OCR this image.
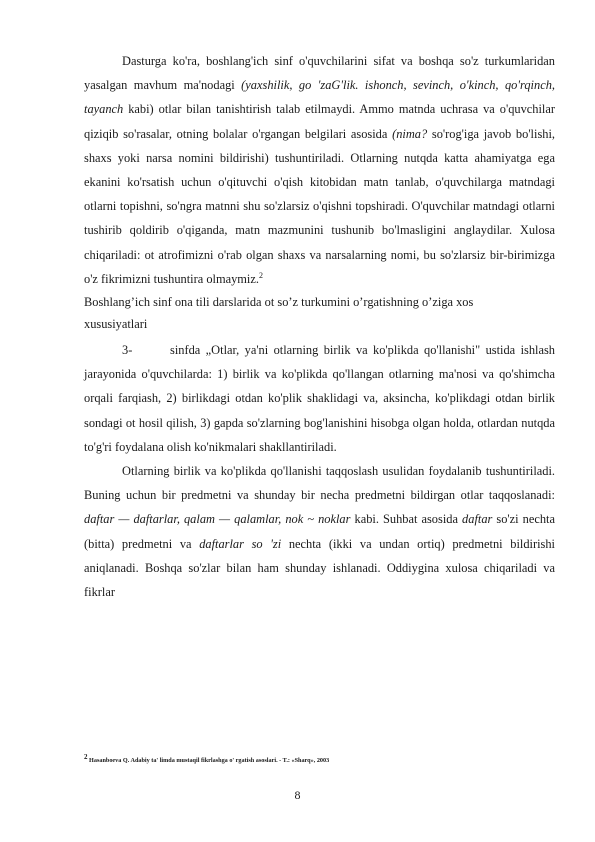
Dasturga ko'ra, boshlang'ich sinf o'quvchilarini sifat va boshqa so'z turkumlaridan yasalgan mavhum ma'nodagi (yaxshilik, go 'zaG'lik. ishonch, sevinch, o'kinch, qo'rqinch, tayanch kabi) otlar bilan tanishtirish talab etilmaydi. Ammo matnda uchrasa va o'quvchilar qiziqib so'rasalar, otning bolalar o'rgangan belgilari asosida (nima? so'rog'iga javob bo'lishi, shaxs yoki narsa nomini bildirishi) tushuntiriladi. Otlarning nutqda katta ahamiyatga ega ekanini ko'rsatish uchun o'qituvchi o'qish kitobidan matn tanlab, o'quvchilarga matndagi otlarni topishni, so'ngra matnni shu so'zlarsiz o'qishni topshiradi. O'quvchilar matndagi otlarni tushirib qoldirib o'qiganda, matn mazmunini tushunib bo'lmasligini anglaydilar. Xulosa chiqariladi: ot atrofimizni o'rab olgan shaxs va narsalarning nomi, bu so'zlarsiz bir-birimizga o'z fikrimizni tushuntira olmaymiz.$^2$

Boshlang’ich sinf ona tili darslarida ot so’z turkumini o’rgatishning o’ziga xos xususiyatlari

3-	sinfda „Otlar, ya'ni otlarning birlik va ko'plikda qo'llanishi" ustida ishlash jarayonida o'quvchilarda: 1) birlik va ko'plikda qo'llangan otlarning ma'nosi va qo'shimcha orqali farqiash, 2) birlikdagi otdan ko'plik shaklidagi va, aksincha, ko'plikdagi otdan birlik sondagi ot hosil qilish, 3) gapda so'zlarning bog'lanishini hisobga olgan holda, otlardan nutqda to'g'ri foydalana olish ko'nikmalari shakllantiriladi.

Otlarning birlik va ko'plikda qo'llanishi taqqoslash usulidan foydalanib tushuntiriladi. Buning uchun bir predmetni va shunday bir necha predmetni bildirgan otlar taqqoslanadi: daftar — daftarlar, qalam — qalamlar, nok ~ noklar kabi. Suhbat asosida daftar so'zi nechta (bitta) predmetni va daftarlar so 'zi nechta (ikki va undan ortiq) predmetni bildirishi aniqlanadi. Boshqa so'zlar bilan ham shunday ishlanadi. Oddiygina xulosa chiqariladi va fikrlar

$^2$ Hasanboeva Q. Adabiy ta' limda mustaqil fikrlashga o' rgatish asoslari. - T.: «Sharq», 2003
8
